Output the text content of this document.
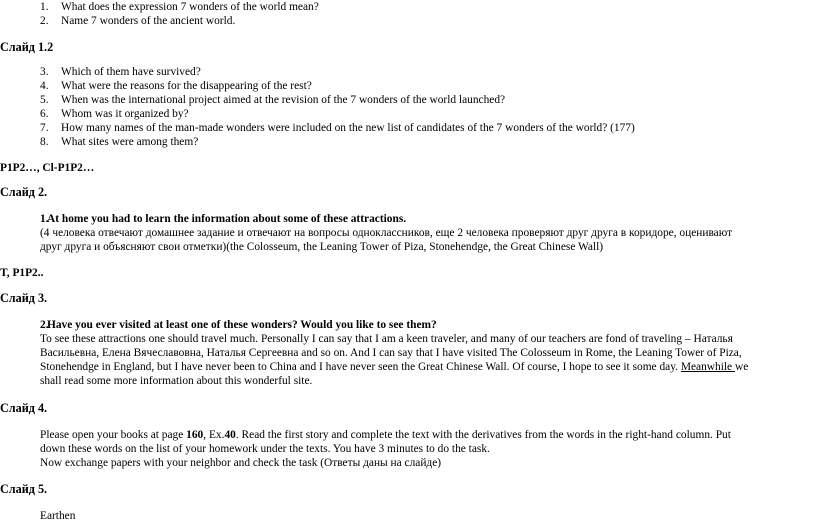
1. What does the expression 7 wonders of the world mean?
2. Name 7 wonders of the ancient world.
Слайд 1.2
3. Which of them have survived?
4. What were the reasons for the disappearing of the rest?
5. When was the international project aimed at the revision of the 7 wonders of the world launched?
6. Whom was it organized by?
7. How many names of the man-made wonders were included on the new list of candidates of the 7 wonders of the world? (177)
8. What sites were among them?
P1P2…, Cl-P1P2…
Слайд 2.
1.
At home you had to learn the information about some of these attractions.
(4 человека отвечают домашнее задание и отвечают на вопросы одноклассников, еще 2 человека проверяют друг друга в коридоре, оценивают
друг друга и объясняют свои отметки)(the Colosseum, the Leaning Tower of Piza, Stonehendge, the Great Chinese Wall)
T, P1P2..
Слайд 3.
2.
Have you ever visited at least one of these wonders? Would you like to see them?
To see these attractions one should travel much. Personally I can say that I am a keen traveler, and many of our teachers are fond of traveling – Наталья
Васильевна, Елена Вячеславовна, Наталья Сергеевна and so on. And I can say that I have visited The Colosseum in Rome, the Leaning Tower of Piza,
Stonehendge in England, but I have never been to China and I have never seen the Great Chinese Wall. Of course, I hope to see it some day. Meanwhile we
shall read some more information about this wonderful site.
Слайд 4.
Please open your books at page 160, Ex.40. Read the first story and complete the text with the derivatives from the words in the right-hand column. Put
down these words on the list of your homework under the texts. You have 3 minutes to do the task.
Now exchange papers with your neighbor and check the task (Ответы даны на слайде)
Слайд 5.
Earthen
